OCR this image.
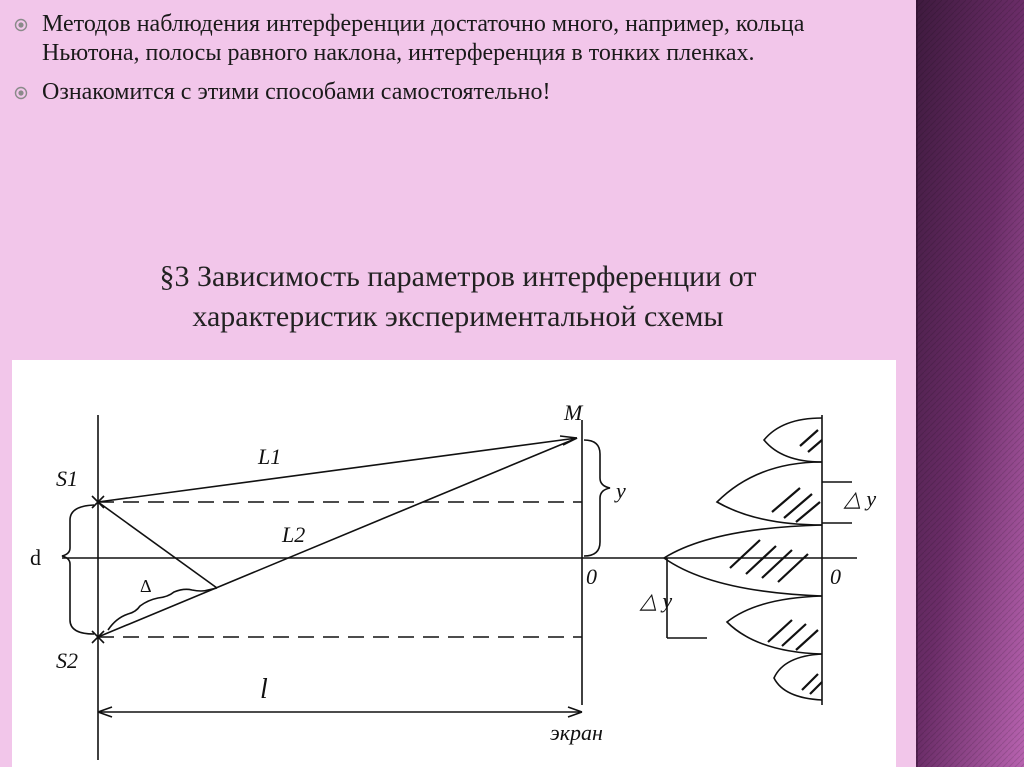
Методов наблюдения интерференции достаточно много, например, кольца Ньютона, полосы равного наклона, интерференция в тонких пленках.
Ознакомится с этими способами самостоятельно!
§3 Зависимость параметров интерференции от
характеристик экспериментальной схемы
M
S1
S2
L1
L2
y
d
0	0
Δ
△ y
△ y
l
экран
